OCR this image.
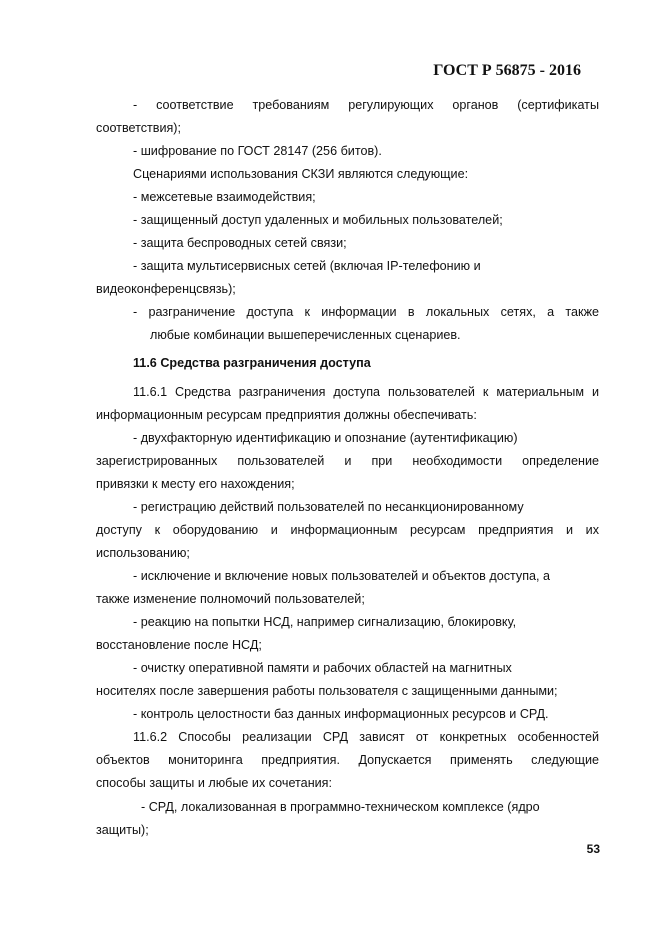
ГОСТ Р 56875 - 2016
- соответствие требованиям регулирующих органов (сертификаты
соответствия);
- шифрование по ГОСТ 28147 (256 битов).
Сценариями использования СКЗИ являются следующие:
- межсетевые взаимодействия;
- защищенный доступ удаленных и мобильных пользователей;
- защита беспроводных сетей связи;
- защита мультисервисных сетей (включая IP-телефонию и
видеоконференцсвязь);
- разграничение доступа к информации в локальных сетях, а также
любые комбинации вышеперечисленных сценариев.
11.6 Средства разграничения доступа
11.6.1 Средства разграничения доступа пользователей к материальным и
информационным ресурсам предприятия должны обеспечивать:
- двухфакторную идентификацию и опознание (аутентификацию)
зарегистрированных пользователей и при необходимости определение
привязки к месту его нахождения;
- регистрацию действий пользователей по несанкционированному
доступу к оборудованию и информационным ресурсам предприятия и их
использованию;
- исключение и включение новых пользователей и объектов доступа, а
также изменение полномочий пользователей;
- реакцию на попытки НСД, например сигнализацию, блокировку,
восстановление после НСД;
- очистку оперативной памяти и рабочих областей на магнитных
носителях после завершения работы пользователя с защищенными данными;
- контроль целостности баз данных информационных ресурсов и СРД.
11.6.2 Способы реализации СРД зависят от конкретных особенностей
объектов мониторинга предприятия. Допускается применять следующие
способы защиты и любые их сочетания:
- СРД, локализованная в программно-техническом комплексе (ядро
защиты);
53
